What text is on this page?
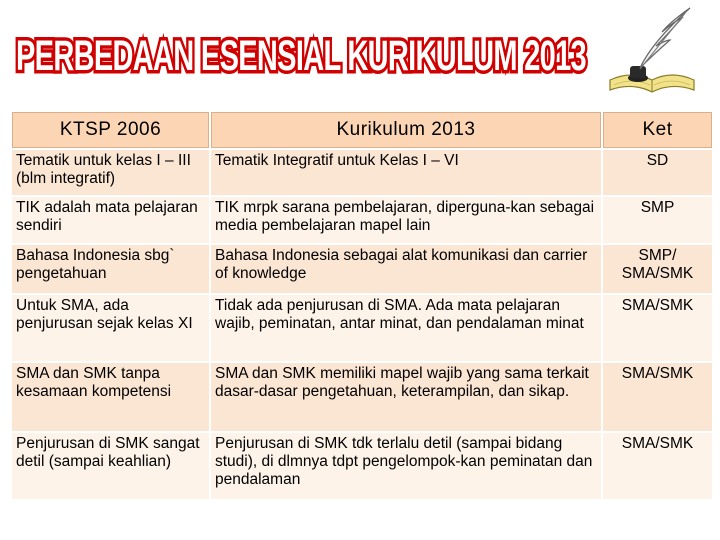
PERBEDAAN ESENSIAL KURIKULUM 2013
KTSP 2006	Kurikulum 2013	Ket
Tematik untuk kelas I – III (blm integratif)	Tematik Integratif untuk Kelas I – VI	SD
TIK adalah mata pelajaran sendiri	TIK mrpk sarana pembelajaran, diperguna-kan sebagai media pembelajaran mapel lain	SMP
Bahasa Indonesia sbg` pengetahuan	Bahasa Indonesia sebagai alat komunikasi dan carrier of knowledge	SMP/ SMA/SMK
Untuk SMA, ada penjurusan sejak kelas XI	Tidak ada penjurusan di SMA. Ada mata pelajaran wajib, peminatan, antar minat, dan pendalaman minat	SMA/SMK
SMA dan SMK tanpa kesamaan kompetensi	SMA dan SMK memiliki mapel wajib yang sama terkait dasar-dasar pengetahuan, keterampilan, dan sikap.	SMA/SMK
Penjurusan di SMK sangat detil (sampai keahlian)	Penjurusan di SMK tdk terlalu detil (sampai bidang studi), di dlmnya tdpt pengelompok-kan peminatan dan pendalaman	SMA/SMK
